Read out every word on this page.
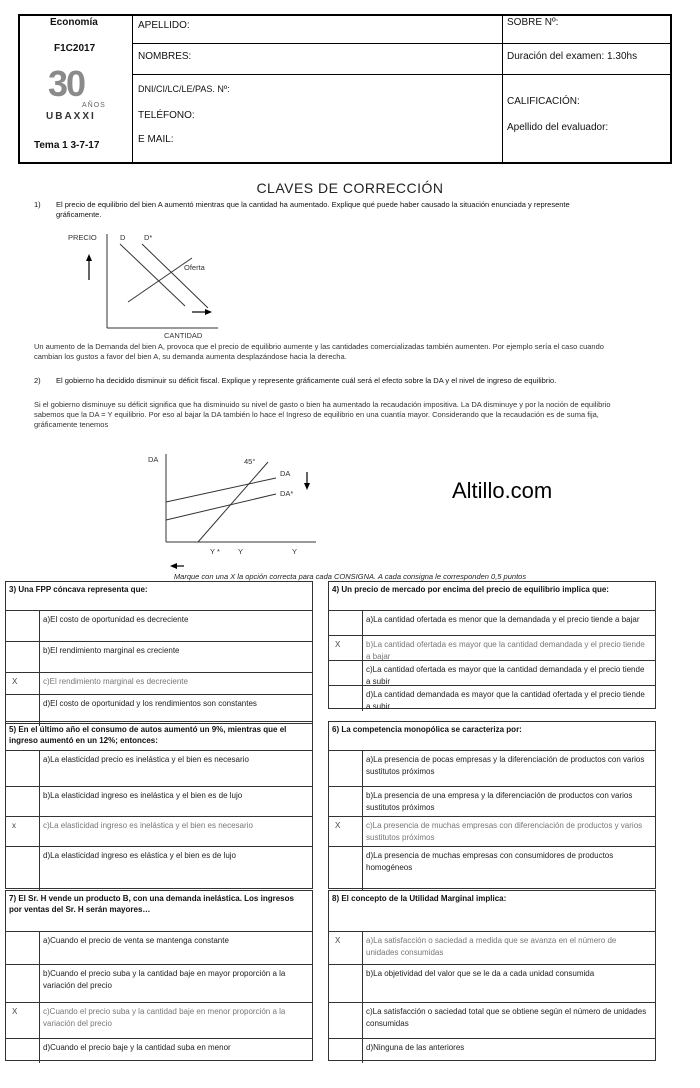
Economía
F1C2017
30
AÑOS
UBAXXI
Tema 1 3-7-17
APELLIDO:
NOMBRES:
DNI/CI/LC/LE/PAS. Nº:
TELÉFONO:
E MAIL:
SOBRE Nº:
Duración del examen: 1.30hs
CALIFICACIÓN:
Apellido del evaluador:
CLAVES DE CORRECCIÓN
1) El precio de equilibrio del bien A aumentó mientras que la cantidad ha aumentado. Explique qué puede haber causado la situación enunciada y represente gráficamente.
PRECIO	D D*
Oferta
CANTIDAD
Un aumento de la Demanda del bien A, provoca que el precio de equilibrio aumente y las cantidades comercializadas también aumenten. Por ejemplo sería el caso cuando cambian los gustos a favor del bien A, su demanda aumenta desplazándose hacia la derecha.
2) El gobierno ha decidido disminuir su déficit fiscal. Explique y represente gráficamente cuál será el efecto sobre la DA y el nivel de ingreso de equilibrio.
Si el gobierno disminuye su déficit significa que ha disminuido su nivel de gasto o bien ha aumentado la recaudación impositiva. La DA disminuye y por la noción de equilibrio sabemos que la DA = Y equilibrio. Por eso al bajar la DA también lo hace el Ingreso de equilibrio en una cuantía mayor. Considerando que la recaudación es de suma fija, gráficamente tenemos
DA	45°
DA
DA*
Y * Y	Y
Altillo.com
Marque con una X la opción correcta para cada CONSIGNA. A cada consigna le corresponden 0,5 puntos
3) Una FPP cóncava representa que:
a)El costo de oportunidad es decreciente
b)El rendimiento marginal es creciente
X	c)El rendimiento marginal es decreciente
d)El costo de oportunidad y los rendimientos son constantes
4) Un precio de mercado por encima del precio de equilibrio implica que:
a)La cantidad ofertada es menor que la demandada y el precio tiende a bajar
X	b)La cantidad ofertada es mayor que la cantidad demandada y el precio tiende a bajar
c)La cantidad ofertada es mayor que la cantidad demandada y el precio tiende a subir
d)La cantidad demandada es mayor que la cantidad ofertada y el precio tiende a subir
5) En el último año el consumo de autos aumentó un 9%, mientras que el ingreso aumentó en un 12%; entonces:
a)La elasticidad precio es inelástica y el bien es necesario
b)La elasticidad ingreso es inelástica y el bien es de lujo
x	c)La elasticidad ingreso es inelástica y el bien es necesario
d)La elasticidad ingreso es elástica y el bien es de lujo
6) La competencia monopólica se caracteriza por:
a)La presencia de pocas empresas y la diferenciación de productos con varios sustitutos próximos
b)La presencia de una empresa y la diferenciación de productos con varios sustitutos próximos
X	c)La presencia de muchas empresas con diferenciación de productos y varios sustitutos próximos
d)La presencia de muchas empresas con consumidores de productos homogéneos
7) El Sr. H vende un producto B, con una demanda inelástica. Los ingresos por ventas del Sr. H serán mayores…
a)Cuando el precio de venta se mantenga constante
b)Cuando el precio suba y la cantidad baje en mayor proporción a la variación del precio
X	c)Cuando el precio suba y la cantidad baje en menor proporción a la variación del precio
d)Cuando el precio baje y la cantidad suba en menor
8) El concepto de la Utilidad Marginal implica:
X	a)La satisfacción o saciedad a medida que se avanza en el número de unidades consumidas
b)La objetividad del valor que se le da a cada unidad consumida
c)La satisfacción o saciedad total que se obtiene según el número de unidades consumidas
d)Ninguna de las anteriores
